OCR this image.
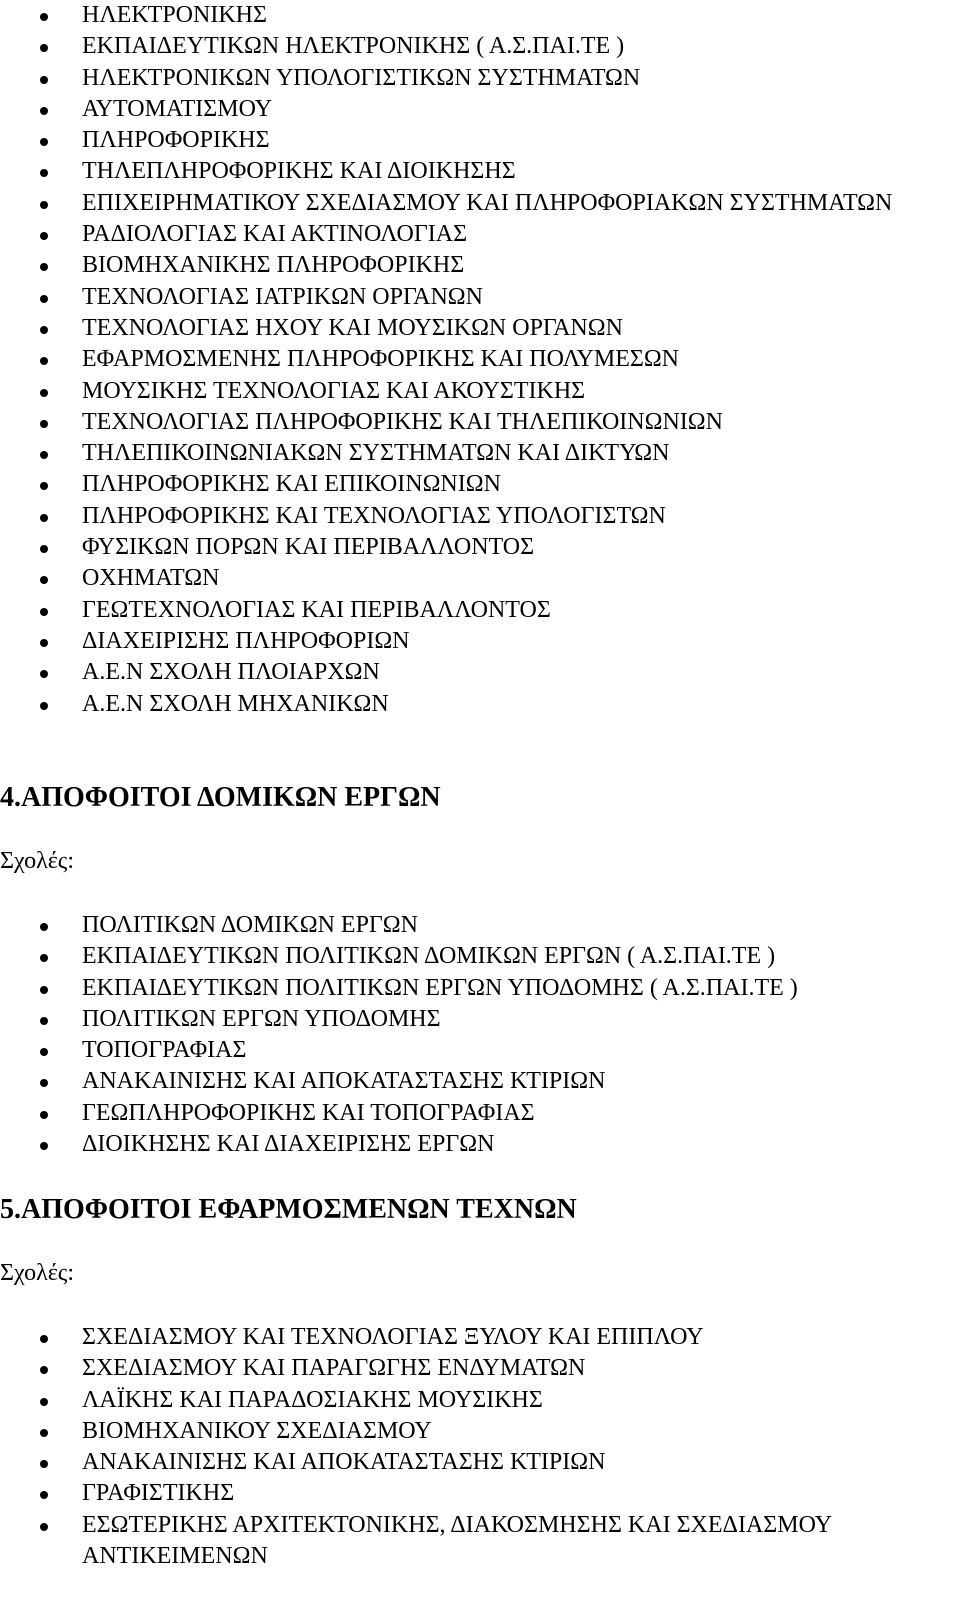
ΗΛΕΚΤΡΟΝΙΚΗΣ
ΕΚΠΑΙΔΕΥΤΙΚΩΝ ΗΛΕΚΤΡΟΝΙΚΗΣ ( Α.Σ.ΠΑΙ.ΤΕ )
ΗΛΕΚΤΡΟΝΙΚΩΝ ΥΠΟΛΟΓΙΣΤΙΚΩΝ ΣΥΣΤΗΜΑΤΩΝ
ΑΥΤΟΜΑΤΙΣΜΟΥ
ΠΛΗΡΟΦΟΡΙΚΗΣ
ΤΗΛΕΠΛΗΡΟΦΟΡΙΚΗΣ ΚΑΙ ΔΙΟΙΚΗΣΗΣ
ΕΠΙΧΕΙΡΗΜΑΤΙΚΟΥ ΣΧΕΔΙΑΣΜΟΥ ΚΑΙ ΠΛΗΡΟΦΟΡΙΑΚΩΝ ΣΥΣΤΗΜΑΤΩΝ
ΡΑΔΙΟΛΟΓΙΑΣ ΚΑΙ ΑΚΤΙΝΟΛΟΓΙΑΣ
ΒΙΟΜΗΧΑΝΙΚΗΣ ΠΛΗΡΟΦΟΡΙΚΗΣ
ΤΕΧΝΟΛΟΓΙΑΣ ΙΑΤΡΙΚΩΝ ΟΡΓΑΝΩΝ
ΤΕΧΝΟΛΟΓΙΑΣ ΗΧΟΥ ΚΑΙ ΜΟΥΣΙΚΩΝ ΟΡΓΑΝΩΝ
ΕΦΑΡΜΟΣΜΕΝΗΣ ΠΛΗΡΟΦΟΡΙΚΗΣ ΚΑΙ ΠΟΛΥΜΕΣΩΝ
ΜΟΥΣΙΚΗΣ ΤΕΧΝΟΛΟΓΙΑΣ ΚΑΙ ΑΚΟΥΣΤΙΚΗΣ
ΤΕΧΝΟΛΟΓΙΑΣ ΠΛΗΡΟΦΟΡΙΚΗΣ ΚΑΙ ΤΗΛΕΠΙΚΟΙΝΩΝΙΩΝ
ΤΗΛΕΠΙΚΟΙΝΩΝΙΑΚΩΝ ΣΥΣΤΗΜΑΤΩΝ ΚΑΙ ΔΙΚΤΥΩΝ
ΠΛΗΡΟΦΟΡΙΚΗΣ ΚΑΙ ΕΠΙΚΟΙΝΩΝΙΩΝ
ΠΛΗΡΟΦΟΡΙΚΗΣ ΚΑΙ ΤΕΧΝΟΛΟΓΙΑΣ ΥΠΟΛΟΓΙΣΤΩΝ
ΦΥΣΙΚΩΝ ΠΟΡΩΝ ΚΑΙ ΠΕΡΙΒΑΛΛΟΝΤΟΣ
ΟΧΗΜΑΤΩΝ
ΓΕΩΤΕΧΝΟΛΟΓΙΑΣ ΚΑΙ ΠΕΡΙΒΑΛΛΟΝΤΟΣ
ΔΙΑΧΕΙΡΙΣΗΣ ΠΛΗΡΟΦΟΡΙΩΝ
Α.Ε.Ν ΣΧΟΛΗ ΠΛΟΙΑΡΧΩΝ
Α.Ε.Ν ΣΧΟΛΗ ΜΗΧΑΝΙΚΩΝ
4.ΑΠΟΦΟΙΤΟΙ ΔΟΜΙΚΩΝ ΕΡΓΩΝ
Σχολές:
ΠΟΛΙΤΙΚΩΝ ΔΟΜΙΚΩΝ ΕΡΓΩΝ
ΕΚΠΑΙΔΕΥΤΙΚΩΝ ΠΟΛΙΤΙΚΩΝ ΔΟΜΙΚΩΝ ΕΡΓΩΝ ( Α.Σ.ΠΑΙ.ΤΕ )
ΕΚΠΑΙΔΕΥΤΙΚΩΝ ΠΟΛΙΤΙΚΩΝ ΕΡΓΩΝ ΥΠΟΔΟΜΗΣ ( Α.Σ.ΠΑΙ.ΤΕ )
ΠΟΛΙΤΙΚΩΝ ΕΡΓΩΝ ΥΠΟΔΟΜΗΣ
ΤΟΠΟΓΡΑΦΙΑΣ
ΑΝΑΚΑΙΝΙΣΗΣ ΚΑΙ ΑΠΟΚΑΤΑΣΤΑΣΗΣ ΚΤΙΡΙΩΝ
ΓΕΩΠΛΗΡΟΦΟΡΙΚΗΣ ΚΑΙ ΤΟΠΟΓΡΑΦΙΑΣ
ΔΙΟΙΚΗΣΗΣ ΚΑΙ ΔΙΑΧΕΙΡΙΣΗΣ ΕΡΓΩΝ
5.ΑΠΟΦΟΙΤΟΙ ΕΦΑΡΜΟΣΜΕΝΩΝ ΤΕΧΝΩΝ
Σχολές:
ΣΧΕΔΙΑΣΜΟΥ ΚΑΙ ΤΕΧΝΟΛΟΓΙΑΣ ΞΥΛΟΥ ΚΑΙ ΕΠΙΠΛΟΥ
ΣΧΕΔΙΑΣΜΟΥ ΚΑΙ ΠΑΡΑΓΩΓΗΣ ΕΝΔΥΜΑΤΩΝ
ΛΑΪΚΗΣ ΚΑΙ ΠΑΡΑΔΟΣΙΑΚΗΣ ΜΟΥΣΙΚΗΣ
ΒΙΟΜΗΧΑΝΙΚΟΥ ΣΧΕΔΙΑΣΜΟΥ
ΑΝΑΚΑΙΝΙΣΗΣ ΚΑΙ ΑΠΟΚΑΤΑΣΤΑΣΗΣ ΚΤΙΡΙΩΝ
ΓΡΑΦΙΣΤΙΚΗΣ
ΕΣΩΤΕΡΙΚΗΣ ΑΡΧΙΤΕΚΤΟΝΙΚΗΣ, ΔΙΑΚΟΣΜΗΣΗΣ ΚΑΙ ΣΧΕΔΙΑΣΜΟΥ ΑΝΤΙΚΕΙΜΕΝΩΝ
